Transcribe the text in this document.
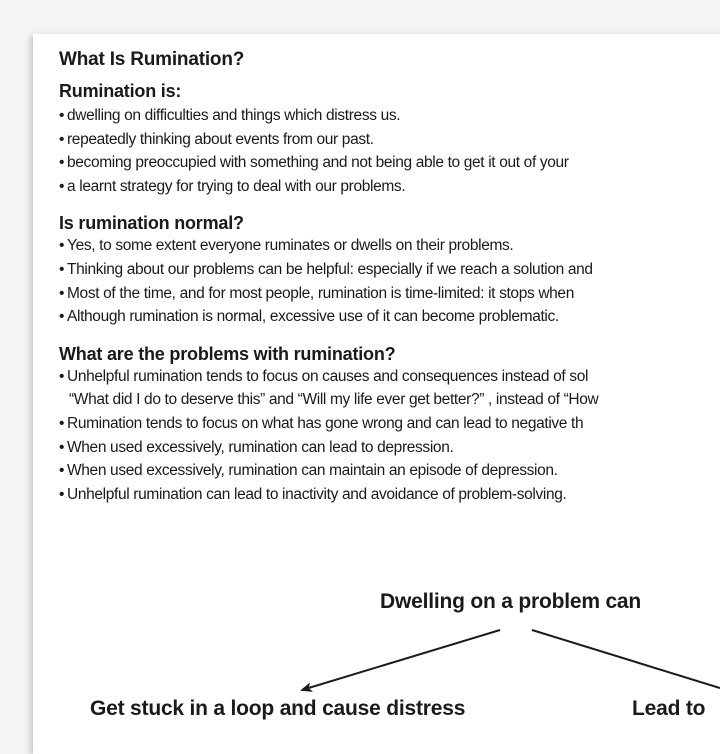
What Is Rumination?
Rumination is:
• dwelling on difficulties and things which distress us.
• repeatedly thinking about events from our past.
• becoming preoccupied with something and not being able to get it out of your
• a learnt strategy for trying to deal with our problems.
Is rumination normal?
• Yes, to some extent everyone ruminates or dwells on their problems.
• Thinking about our problems can be helpful: especially if we reach a solution and
• Most of the time, and for most people, rumination is time-limited: it stops when
• Although rumination is normal, excessive use of it can become problematic.
What are the problems with rumination?
• Unhelpful rumination tends to focus on causes and consequences instead of sol
“What did I do to deserve this” and “Will my life ever get better?” , instead of “How
• Rumination tends to focus on what has gone wrong and can lead to negative th
• When used excessively, rumination can lead to depression.
• When used excessively, rumination can maintain an episode of depression.
• Unhelpful rumination can lead to inactivity and avoidance of problem-solving.
Dwelling on a problem can
Get stuck in a loop and cause distress	Lead to
